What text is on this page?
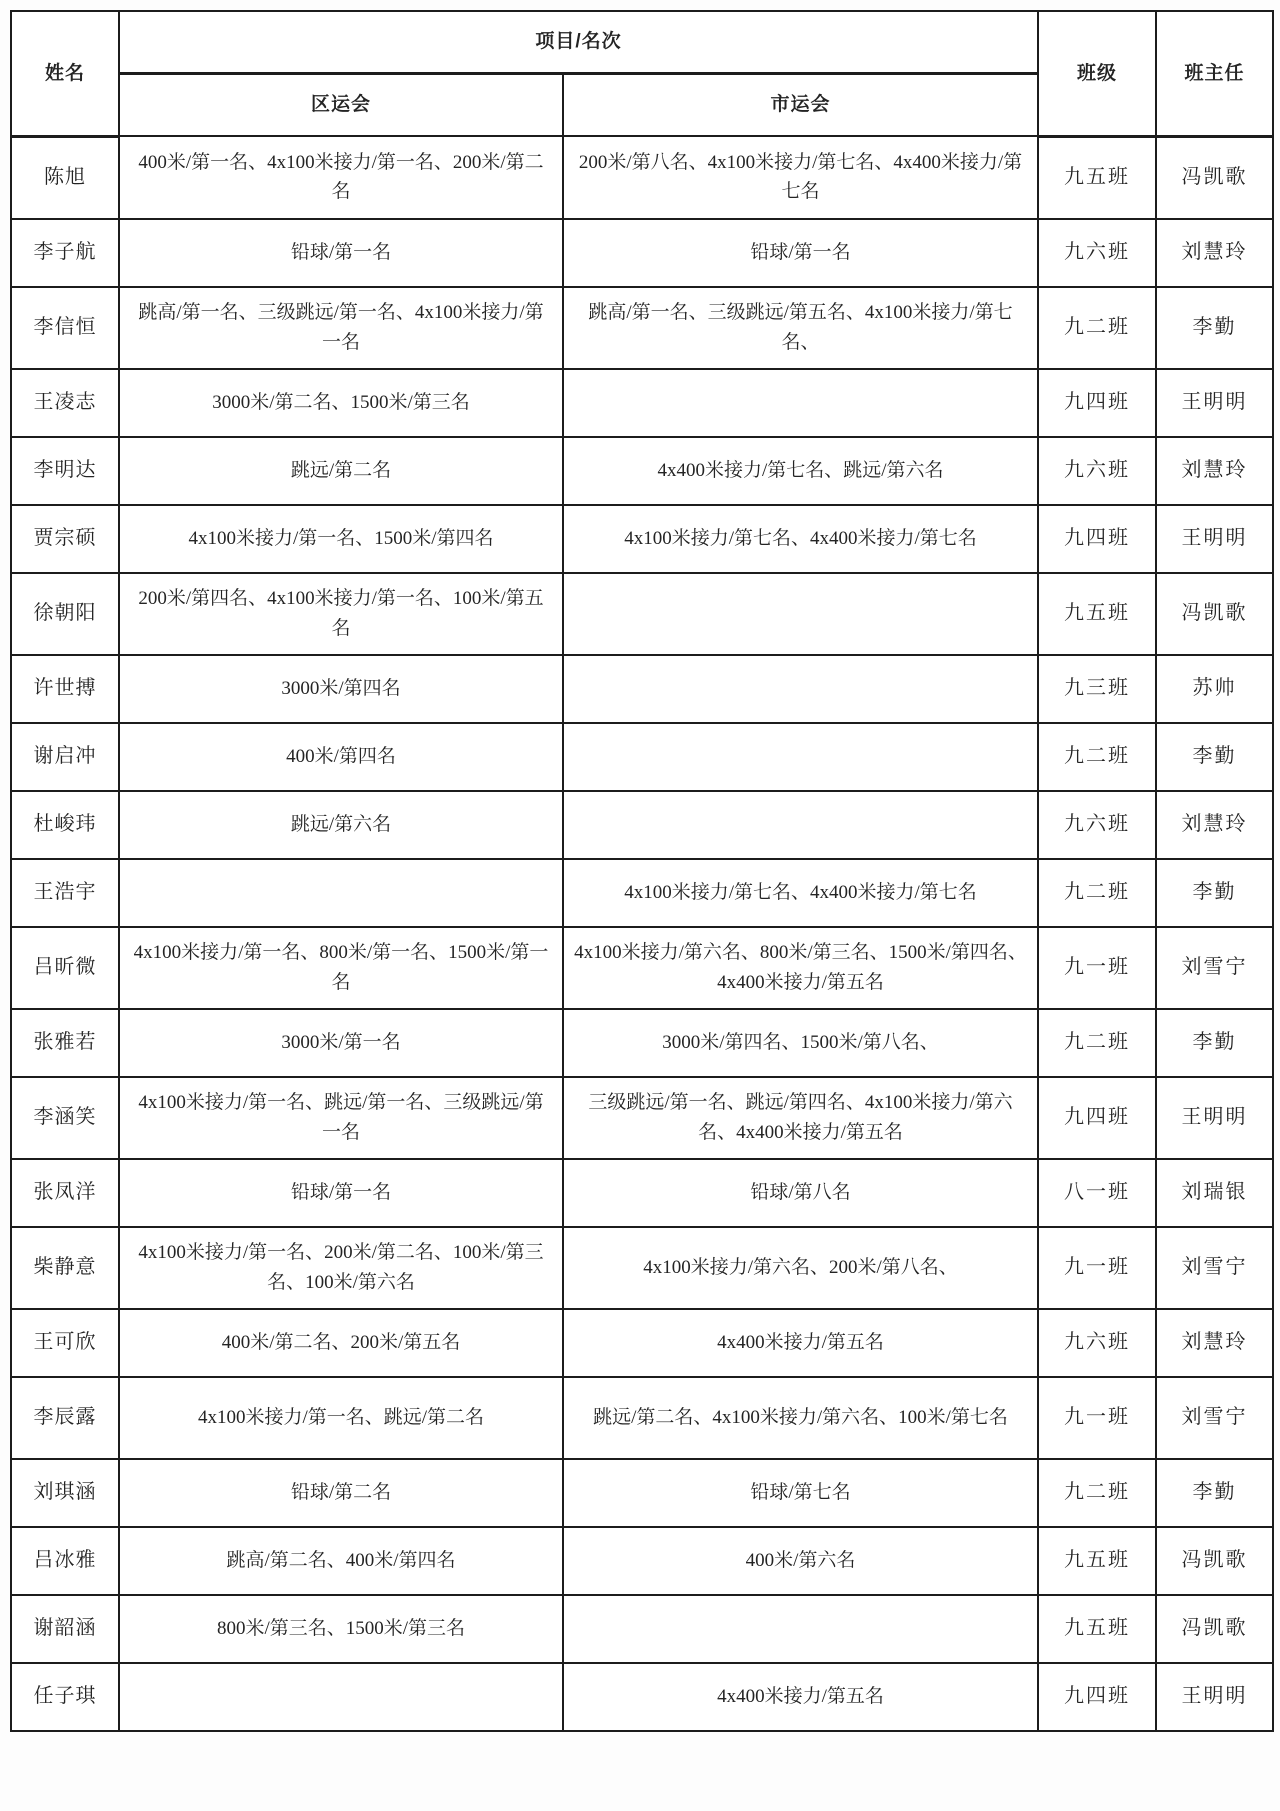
姓名	项目/名次		班级	班主任
	区运会	市运会		
陈旭	400米/第一名、4x100米接力/第一名、200米/第二名	200米/第八名、4x100米接力/第七名、4x400米接力/第七名	九五班	冯凯歌
李子航	铅球/第一名	铅球/第一名	九六班	刘慧玲
李信恒	跳高/第一名、三级跳远/第一名、4x100米接力/第一名	跳高/第一名、三级跳远/第五名、4x100米接力/第七名、	九二班	李勤
王凌志	3000米/第二名、1500米/第三名		九四班	王明明
李明达	跳远/第二名	4x400米接力/第七名、跳远/第六名	九六班	刘慧玲
贾宗硕	4x100米接力/第一名、1500米/第四名	4x100米接力/第七名、4x400米接力/第七名	九四班	王明明
徐朝阳	200米/第四名、4x100米接力/第一名、100米/第五名		九五班	冯凯歌
许世搏	3000米/第四名		九三班	苏帅
谢启冲	400米/第四名		九二班	李勤
杜峻玮	跳远/第六名		九六班	刘慧玲
王浩宇		4x100米接力/第七名、4x400米接力/第七名	九二班	李勤
吕昕微	4x100米接力/第一名、800米/第一名、1500米/第一名	4x100米接力/第六名、800米/第三名、1500米/第四名、4x400米接力/第五名	九一班	刘雪宁
张雅若	3000米/第一名	3000米/第四名、1500米/第八名、	九二班	李勤
李涵笑	4x100米接力/第一名、跳远/第一名、三级跳远/第一名	三级跳远/第一名、跳远/第四名、4x100米接力/第六名、4x400米接力/第五名	九四班	王明明
张凤洋	铅球/第一名	铅球/第八名	八一班	刘瑞银
柴静意	4x100米接力/第一名、200米/第二名、100米/第三名、100米/第六名	4x100米接力/第六名、200米/第八名、	九一班	刘雪宁
王可欣	400米/第二名、200米/第五名	4x400米接力/第五名	九六班	刘慧玲
李辰露	4x100米接力/第一名、跳远/第二名	跳远/第二名、4x100米接力/第六名、100米/第七名	九一班	刘雪宁
刘琪涵	铅球/第二名	铅球/第七名	九二班	李勤
吕冰雅	跳高/第二名、400米/第四名	400米/第六名	九五班	冯凯歌
谢韶涵	800米/第三名、1500米/第三名		九五班	冯凯歌
任子琪		4x400米接力/第五名	九四班	王明明
